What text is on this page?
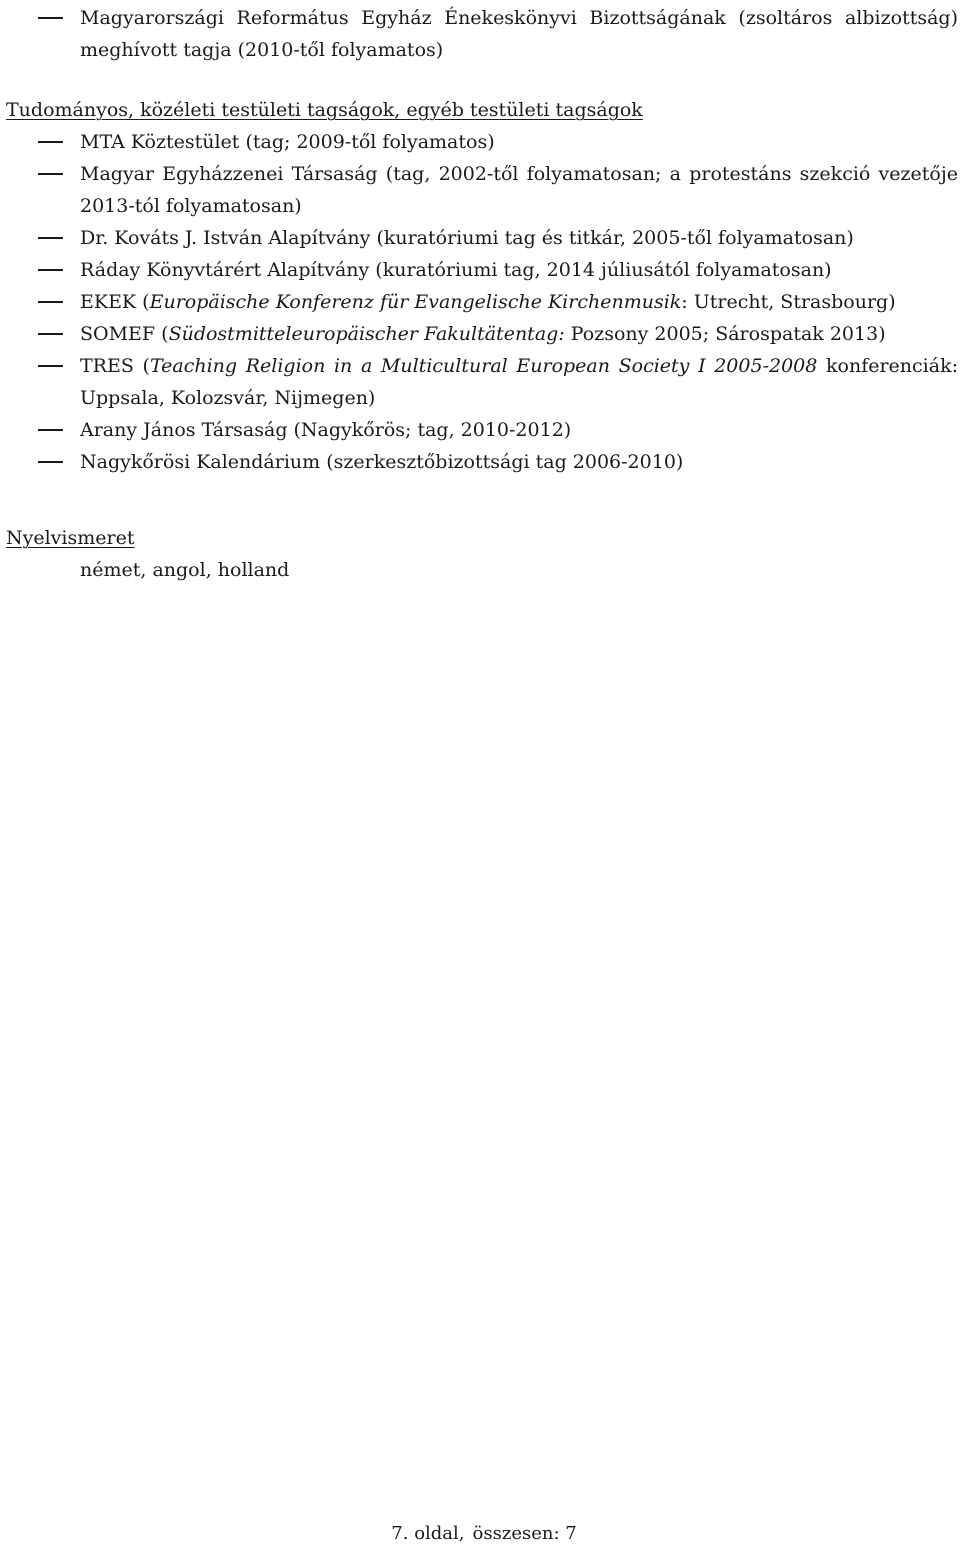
Magyarországi Református Egyház Énekeskönyvi Bizottságának (zsoltáros albizottság) meghívott tagja (2010-től folyamatos)
Tudományos, közéleti testületi tagságok, egyéb testületi tagságok
MTA Köztestület (tag; 2009-től folyamatos)
Magyar Egyházzenei Társaság (tag, 2002-től folyamatosan; a protestáns szekció vezetője 2013-tól folyamatosan)
Dr. Kováts J. István Alapítvány (kuratóriumi tag és titkár, 2005-től folyamatosan)
Ráday Könyvtárért Alapítvány (kuratóriumi tag, 2014 júliusától folyamatosan)
EKEK (Europäische Konferenz für Evangelische Kirchenmusik: Utrecht, Strasbourg)
SOMEF (Südostmitteleuropäischer Fakultätentag: Pozsony 2005; Sárospatak 2013)
TRES (Teaching Religion in a Multicultural European Society I 2005-2008 konferenciák: Uppsala, Kolozsvár, Nijmegen)
Arany János Társaság (Nagykőrös; tag, 2010-2012)
Nagykőrösi Kalendárium (szerkesztőbizottsági tag 2006-2010)
Nyelvismeret
német, angol, holland
7. oldal, összesen: 7
